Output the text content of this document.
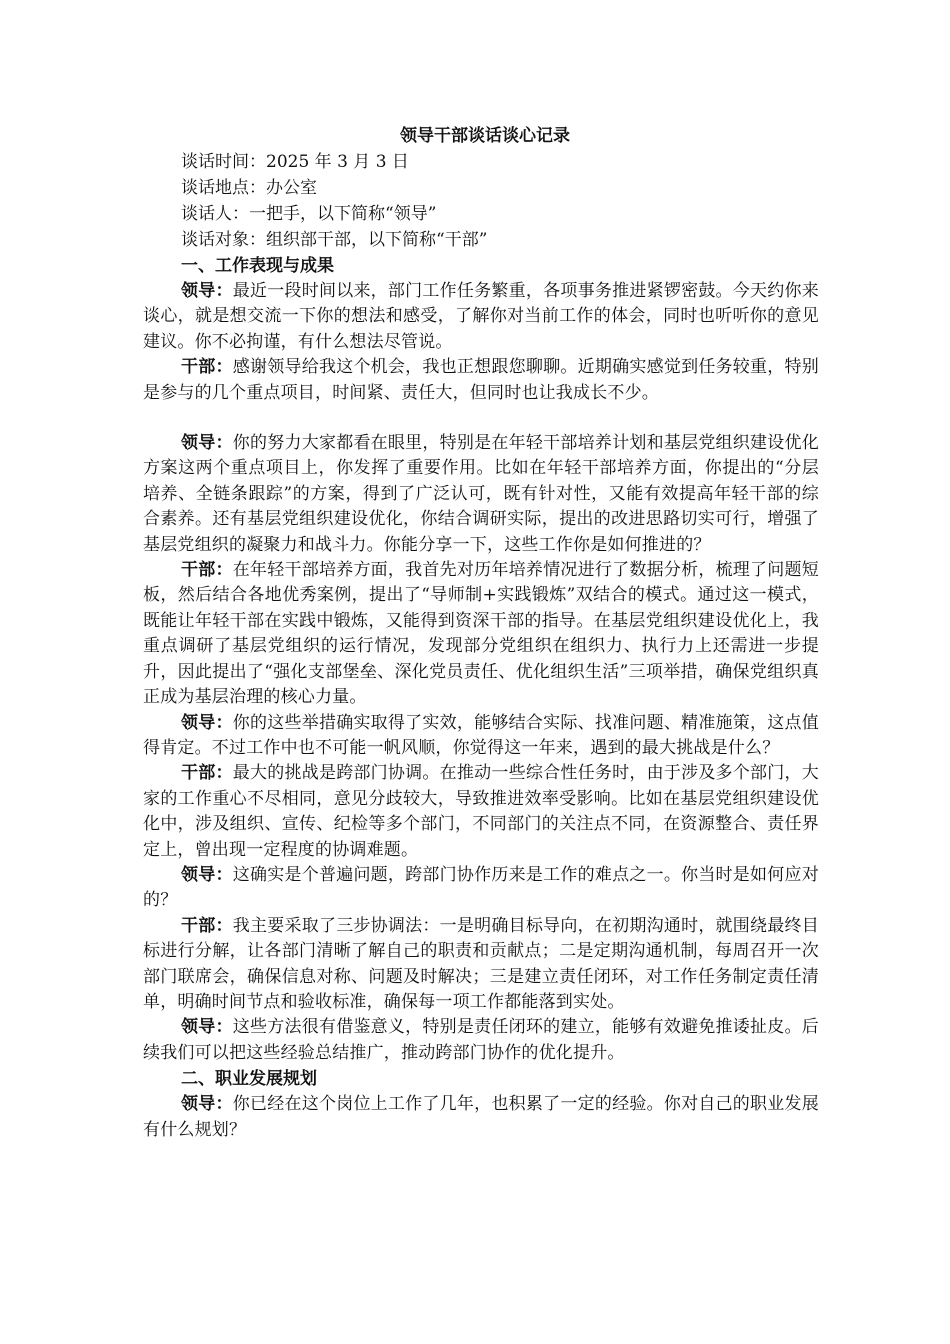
领导干部谈话谈心记录

谈话时间：2025 年 3 月 3 日

谈话地点：办公室

谈话人：一把手，以下简称“领导”

谈话对象：组织部干部，以下简称“干部”

一、工作表现与成果

领导：最近一段时间以来，部门工作任务繁重，各项事务推进紧锣密鼓。今天约你来谈心，就是想交流一下你的想法和感受，了解你对当前工作的体会，同时也听听你的意见建议。你不必拘谨，有什么想法尽管说。

干部：感谢领导给我这个机会，我也正想跟您聊聊。近期确实感觉到任务较重，特别是参与的几个重点项目，时间紧、责任大，但同时也让我成长不少。

领导：你的努力大家都看在眼里，特别是在年轻干部培养计划和基层党组织建设优化方案这两个重点项目上，你发挥了重要作用。比如在年轻干部培养方面，你提出的“分层培养、全链条跟踪”的方案，得到了广泛认可，既有针对性，又能有效提高年轻干部的综合素养。还有基层党组织建设优化，你结合调研实际，提出的改进思路切实可行，增强了基层党组织的凝聚力和战斗力。你能分享一下，这些工作你是如何推进的？

干部：在年轻干部培养方面，我首先对历年培养情况进行了数据分析，梳理了问题短板，然后结合各地优秀案例，提出了“导师制+实践锻炼”双结合的模式。通过这一模式，既能让年轻干部在实践中锻炼，又能得到资深干部的指导。在基层党组织建设优化上，我重点调研了基层党组织的运行情况，发现部分党组织在组织力、执行力上还需进一步提升，因此提出了“强化支部堡垒、深化党员责任、优化组织生活”三项举措，确保党组织真正成为基层治理的核心力量。

领导：你的这些举措确实取得了实效，能够结合实际、找准问题、精准施策，这点值得肯定。不过工作中也不可能一帆风顺，你觉得这一年来，遇到的最大挑战是什么？

干部：最大的挑战是跨部门协调。在推动一些综合性任务时，由于涉及多个部门，大家的工作重心不尽相同，意见分歧较大，导致推进效率受影响。比如在基层党组织建设优化中，涉及组织、宣传、纪检等多个部门，不同部门的关注点不同，在资源整合、责任界定上，曾出现一定程度的协调难题。

领导：这确实是个普遍问题，跨部门协作历来是工作的难点之一。你当时是如何应对的？

干部：我主要采取了三步协调法：一是明确目标导向，在初期沟通时，就围绕最终目标进行分解，让各部门清晰了解自己的职责和贡献点；二是定期沟通机制，每周召开一次部门联席会，确保信息对称、问题及时解决；三是建立责任闭环，对工作任务制定责任清单，明确时间节点和验收标准，确保每一项工作都能落到实处。

领导：这些方法很有借鉴意义，特别是责任闭环的建立，能够有效避免推诿扯皮。后续我们可以把这些经验总结推广，推动跨部门协作的优化提升。

二、职业发展规划

领导：你已经在这个岗位上工作了几年，也积累了一定的经验。你对自己的职业发展有什么规划？
